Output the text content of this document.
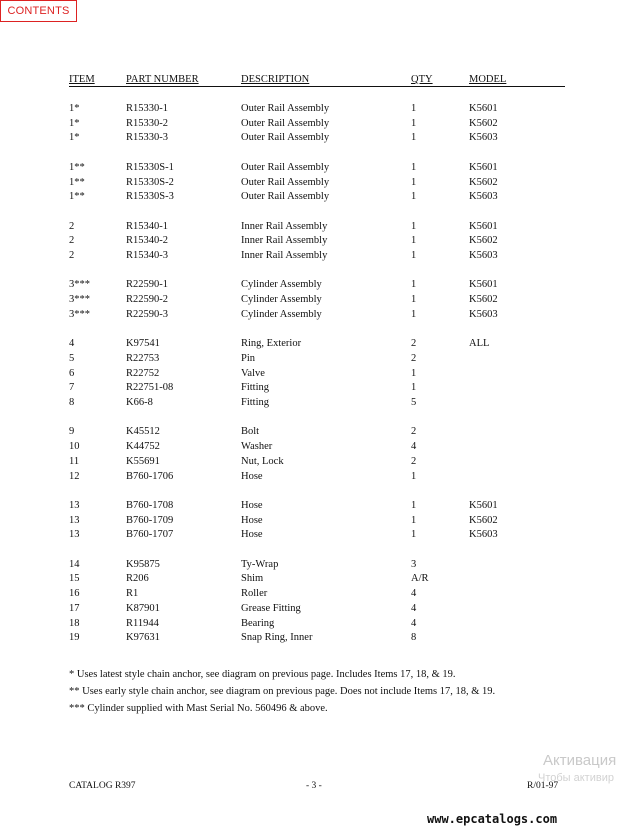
CONTENTS
ITEM	PART NUMBER	DESCRIPTION	QTY	MODEL
1*	R15330-1	Outer Rail Assembly	1	K5601
1*	R15330-2	Outer Rail Assembly	1	K5602
1*	R15330-3	Outer Rail Assembly	1	K5603
1**	R15330S-1	Outer Rail Assembly	1	K5601
1**	R15330S-2	Outer Rail Assembly	1	K5602
1**	R15330S-3	Outer Rail Assembly	1	K5603
2	R15340-1	Inner Rail Assembly	1	K5601
2	R15340-2	Inner Rail Assembly	1	K5602
2	R15340-3	Inner Rail Assembly	1	K5603
3***	R22590-1	Cylinder Assembly	1	K5601
3***	R22590-2	Cylinder Assembly	1	K5602
3***	R22590-3	Cylinder Assembly	1	K5603
4	K97541	Ring, Exterior	2	ALL
5	R22753	Pin	2
6	R22752	Valve	1
7	R22751-08	Fitting	1
8	K66-8	Fitting	5
9	K45512	Bolt	2
10	K44752	Washer	4
11	K55691	Nut, Lock	2
12	B760-1706	Hose	1
13	B760-1708	Hose	1	K5601
13	B760-1709	Hose	1	K5602
13	B760-1707	Hose	1	K5603
14	K95875	Ty-Wrap	3
15	R206	Shim	A/R
16	R1	Roller	4
17	K87901	Grease Fitting	4
18	R11944	Bearing	4
19	K97631	Snap Ring, Inner	8
* Uses latest style chain anchor, see diagram on previous page. Includes Items 17, 18, & 19.
** Uses early style chain anchor, see diagram on previous page. Does not include Items 17, 18, & 19.
*** Cylinder supplied with Mast Serial No. 560496 & above.
CATALOG R397	- 3 -	R/01-97
Активация
Чтобы активир
www.epcatalogs.com
